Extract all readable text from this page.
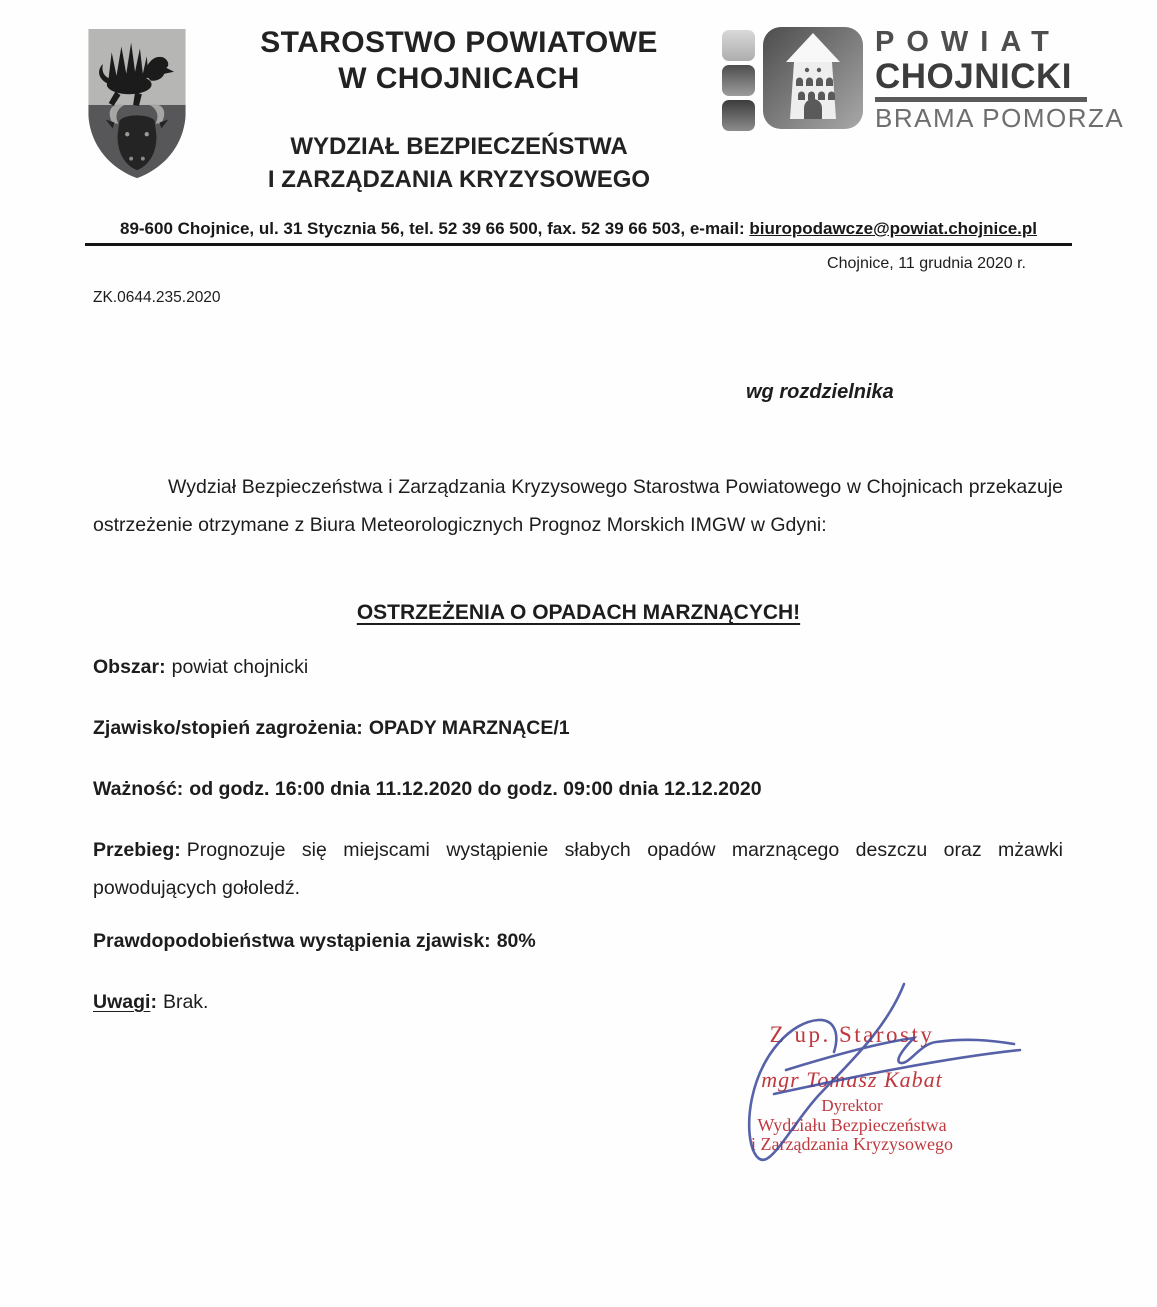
STAROSTWO POWIATOWE
W CHOJNICACH
WYDZIAŁ BEZPIECZEŃSTWA
I ZARZĄDZANIA KRYZYSOWEGO
POWIAT
CHOJNICKI
BRAMA POMORZA
89-600 Chojnice, ul. 31 Stycznia 56, tel. 52 39 66 500, fax. 52 39 66 503, e-mail: biuropodawcze@powiat.chojnice.pl
Chojnice, 11 grudnia 2020 r.
ZK.0644.235.2020
wg rozdzielnika

Wydział Bezpieczeństwa i Zarządzania Kryzysowego Starostwa Powiatowego w Chojnicach przekazuje ostrzeżenie otrzymane z Biura Meteorologicznych Prognoz Morskich IMGW w Gdyni:

OSTRZEŻENIA O OPADACH MARZNĄCYCH!

Obszar: powiat chojnicki

Zjawisko/stopień zagrożenia: OPADY MARZNĄCE/1

Ważność: od godz. 16:00 dnia 11.12.2020 do godz. 09:00 dnia 12.12.2020

Przebieg: Prognozuje się miejscami wystąpienie słabych opadów marznącego deszczu oraz mżawki powodujących gołoledź.

Prawdopodobieństwa wystąpienia zjawisk: 80%

Uwagi: Brak.

Z up. Starosty
mgr Tomasz Kabat
Dyrektor
Wydziału Bezpieczeństwa
i Zarządzania Kryzysowego
